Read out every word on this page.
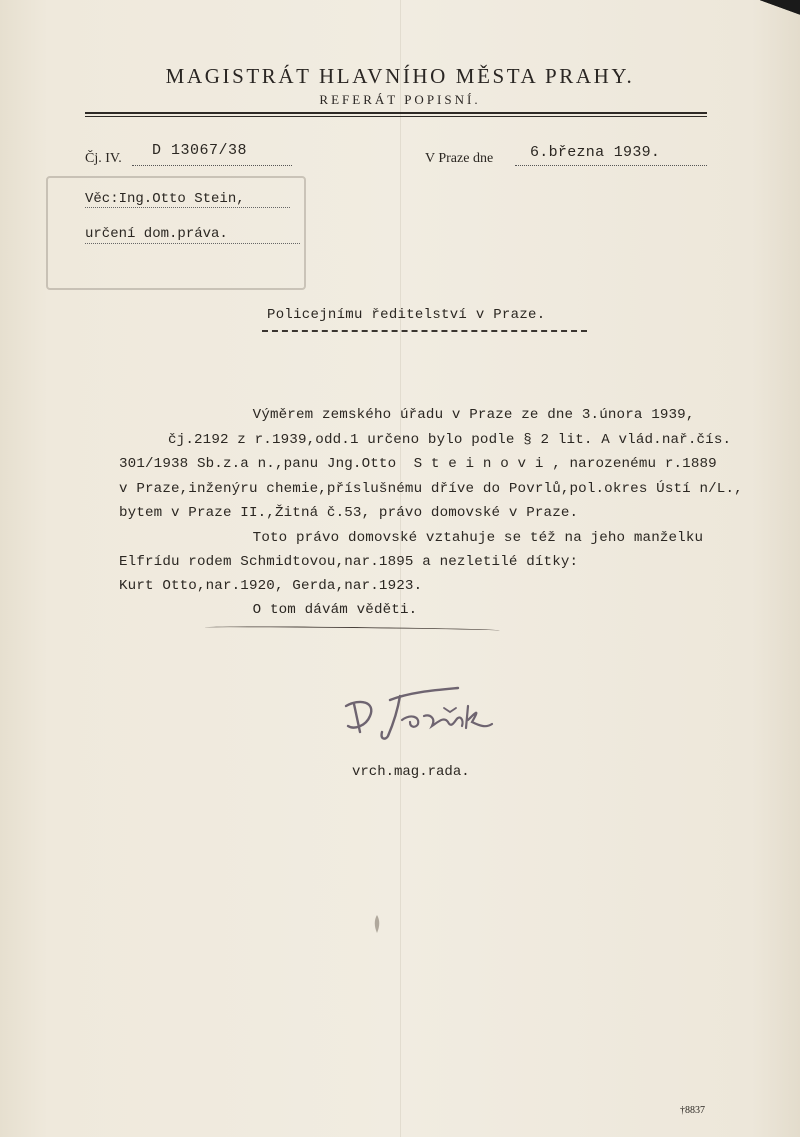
MAGISTRÁT HLAVNÍHO MĚSTA PRAHY.
REFERÁT POPISNÍ.
Čj. IV. D 13067/38	V Praze dne 6.března 1939.
Věc:Ing.Otto Stein,
určení dom.práva.
Policejnímu ředitelství v Praze.
Výměrem zemského úřadu v Praze ze dne 3.února 1939,
čj.2192 z r.1939,odd.1 určeno bylo podle § 2 lit. A vlád.nař.čís.
301/1938 Sb.z.a n.,panu Jng.Otto  S t e i n o v i , narozenému r.1889
v Praze,inženýru chemie,příslušnému dříve do Povrlů,pol.okres Ústí n/L.,
bytem v Praze II.,Žitná č.53, právo domovské v Praze.
Toto právo domovské vztahuje se též na jeho manželku
Elfrídu rodem Schmidtovou,nar.1895 a nezletilé dítky:
Kurt Otto,nar.1920, Gerda,nar.1923.
O tom dávám věděti.
vrch.mag.rada.
†8837
